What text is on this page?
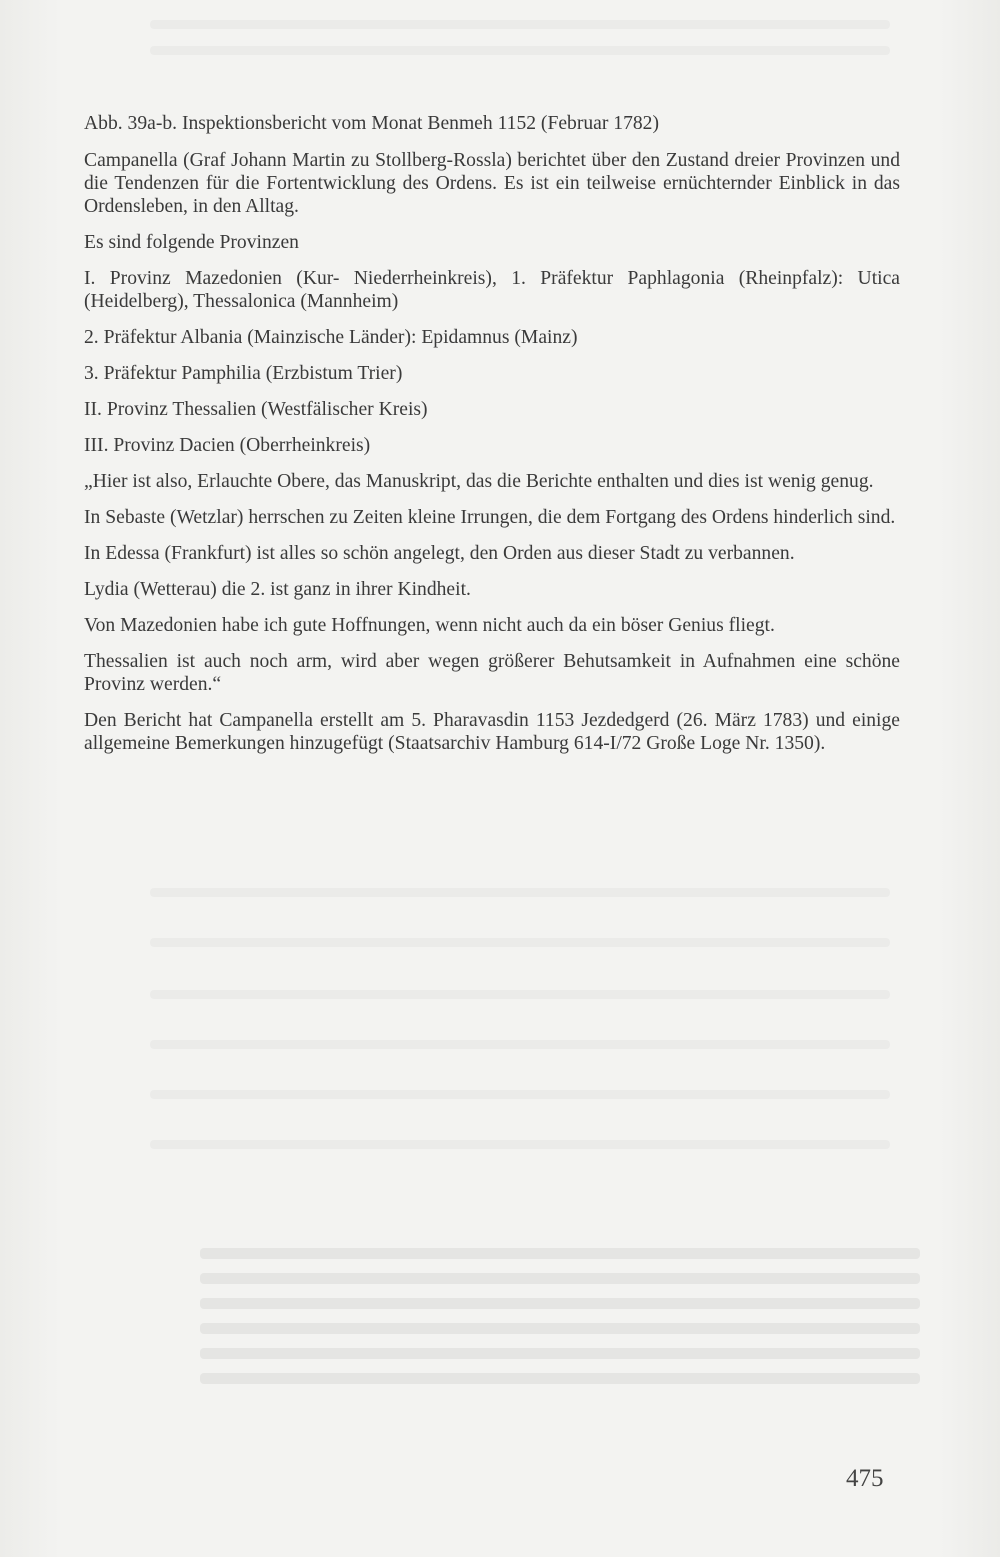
Abb. 39a-b. Inspektionsbericht vom Monat Benmeh 1152 (Februar 1782)

Campanella (Graf Johann Martin zu Stollberg-Rossla) berichtet über den Zustand dreier Provinzen und die Tendenzen für die Fortentwicklung des Ordens. Es ist ein teilweise ernüchternder Einblick in das Ordensleben, in den Alltag.

Es sind folgende Provinzen

I. Provinz Mazedonien (Kur- Niederrheinkreis), 1. Präfektur Paphlagonia (Rheinpfalz): Utica (Heidelberg), Thessalonica (Mannheim)

2. Präfektur Albania (Mainzische Länder): Epidamnus (Mainz)

3. Präfektur Pamphilia (Erzbistum Trier)

II. Provinz Thessalien (Westfälischer Kreis)

III. Provinz Dacien (Oberrheinkreis)

„Hier ist also, Erlauchte Obere, das Manuskript, das die Berichte enthalten und dies ist wenig genug.

In Sebaste (Wetzlar) herrschen zu Zeiten kleine Irrungen, die dem Fortgang des Ordens hinderlich sind.

In Edessa (Frankfurt) ist alles so schön angelegt, den Orden aus dieser Stadt zu verbannen.

Lydia (Wetterau) die 2. ist ganz in ihrer Kindheit.

Von Mazedonien habe ich gute Hoffnungen, wenn nicht auch da ein böser Genius fliegt.

Thessalien ist auch noch arm, wird aber wegen größerer Behutsamkeit in Aufnahmen eine schöne Provinz werden.“

Den Bericht hat Campanella erstellt am 5. Pharavasdin 1153 Jezdedgerd (26. März 1783) und einige allgemeine Bemerkungen hinzugefügt (Staatsarchiv Hamburg 614-I/72 Große Loge Nr. 1350).

475
